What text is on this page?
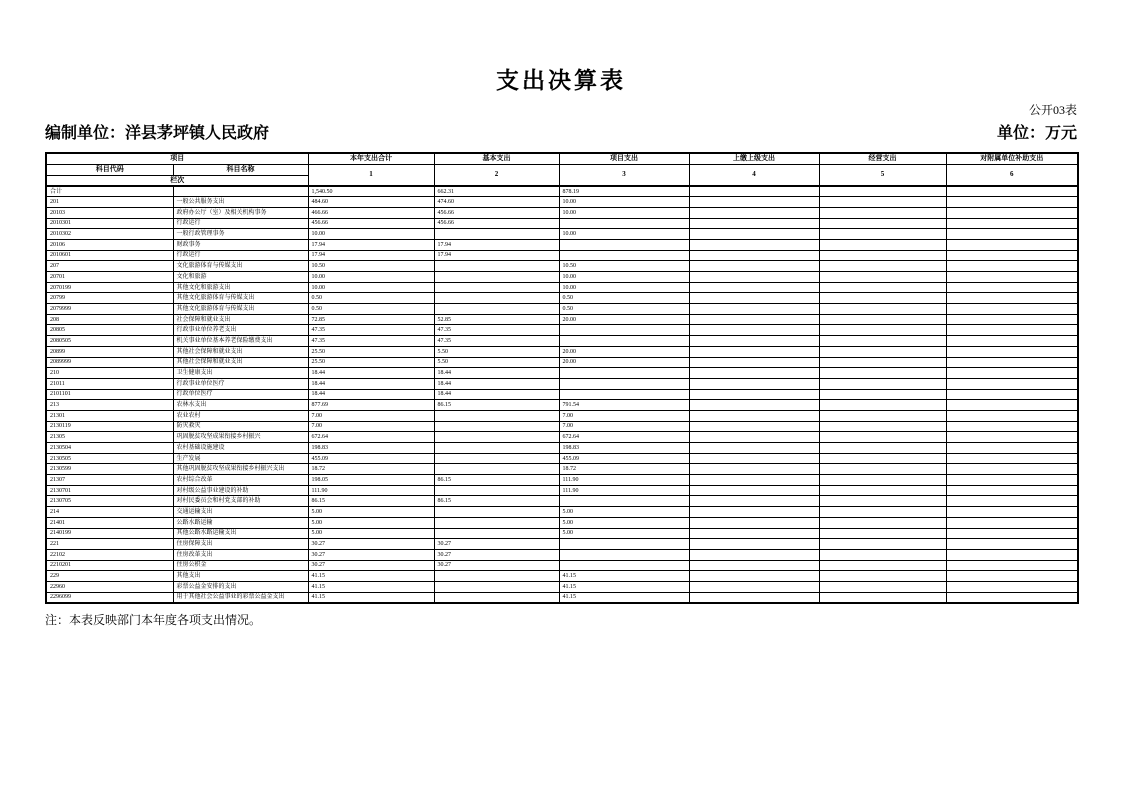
支出决算表
公开03表
编制单位：洋县茅坪镇人民政府	单位：万元
项目		本年支出合计	基本支出	项目支出	上缴上级支出	经营支出	对附属单位补助支出
科目代码	科目名称	1	2	3	4	5	6
栏次							
合计		1,540.50	662.31	878.19			
201	一般公共服务支出	484.60	474.60	10.00			
20103	政府办公厅（室）及相关机构事务	466.66	456.66	10.00			
2010301	行政运行	456.66	456.66				
2010302	一般行政管理事务	10.00		10.00			
20106	财政事务	17.94	17.94				
2010601	行政运行	17.94	17.94				
207	文化旅游体育与传媒支出	10.50		10.50			
20701	文化和旅游	10.00		10.00			
2070199	其他文化和旅游支出	10.00		10.00			
20799	其他文化旅游体育与传媒支出	0.50		0.50			
2079999	其他文化旅游体育与传媒支出	0.50		0.50			
208	社会保障和就业支出	72.85	52.85	20.00			
20805	行政事业单位养老支出	47.35	47.35				
2080505	机关事业单位基本养老保险缴费支出	47.35	47.35				
20899	其他社会保障和就业支出	25.50	5.50	20.00			
2089999	其他社会保障和就业支出	25.50	5.50	20.00			
210	卫生健康支出	18.44	18.44				
21011	行政事业单位医疗	18.44	18.44				
2101101	行政单位医疗	18.44	18.44				
213	农林水支出	877.69	86.15	791.54			
21301	农业农村	7.00		7.00			
2130119	防灾救灾	7.00		7.00			
21305	巩固脱贫攻坚成果衔接乡村振兴	672.64		672.64			
2130504	农村基础设施建设	198.83		198.83			
2130505	生产发展	455.09		455.09			
2130599	其他巩固脱贫攻坚成果衔接乡村振兴支出	18.72		18.72			
21307	农村综合改革	198.05	86.15	111.90			
2130701	对村级公益事业建设的补助	111.90		111.90			
2130705	对村民委员会和村党支部的补助	86.15	86.15				
214	交通运输支出	5.00		5.00			
21401	公路水路运输	5.00		5.00			
2140199	其他公路水路运输支出	5.00		5.00			
221	住房保障支出	30.27	30.27				
22102	住房改革支出	30.27	30.27				
2210201	住房公积金	30.27	30.27				
229	其他支出	41.15		41.15			
22960	彩票公益金安排的支出	41.15		41.15			
2296099	用于其他社会公益事业的彩票公益金支出	41.15		41.15			
注：本表反映部门本年度各项支出情况。
